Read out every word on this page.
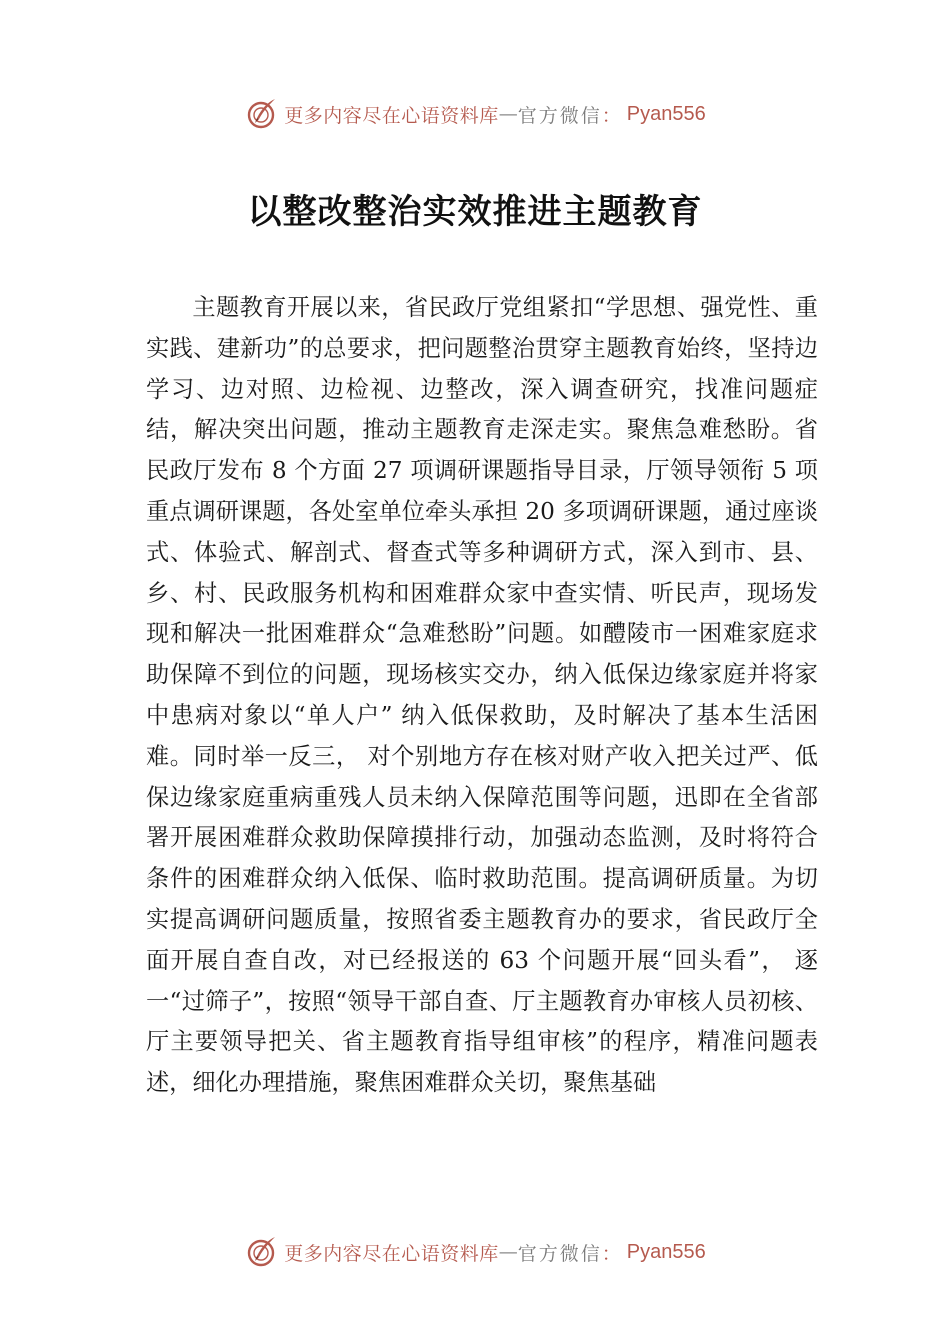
更多内容尽在心语资料库 — 官方微信 ： Pyan556
以整改整治实效推进主题教育

主题教育开展以来，省民政厅党组紧扣“学思想、强党性、重实践、建新功”的总要求，把问题整治贯穿主题教育始终，坚持边学习、边对照、边检视、边整改，深入调查研究，找准问题症结，解决突出问题，推动主题教育走深走实。聚焦急难愁盼。省民政厅发布 8 个方面 27 项调研课题指导目录，厅领导领衔 5 项重点调研课题，各处室单位牵头承担 20 多项调研课题，通过座谈式、体验式、解剖式、督查式等多种调研方式，深入到市、县、乡、村、民政服务机构和困难群众家中查实情、听民声，现场发现和解决一批困难群众“急难愁盼”问题。如醴陵市一困难家庭求助保障不到位的问题，现场核实交办，纳入低保边缘家庭并将家中患病对象以“单人户” 纳入低保救助，及时解决了基本生活困难。同时举一反三， 对个别地方存在核对财产收入把关过严、低保边缘家庭重病重残人员未纳入保障范围等问题，迅即在全省部署开展困难群众救助保障摸排行动，加强动态监测，及时将符合条件的困难群众纳入低保、临时救助范围。提高调研质量。为切实提高调研问题质量，按照省委主题教育办的要求，省民政厅全面开展自查自改，对已经报送的 63 个问题开展“回头看”， 逐一“过筛子”，按照“领导干部自查、厅主题教育办审核人员初核、厅主要领导把关、省主题教育指导组审核”的程序，精准问题表述，细化办理措施，聚焦困难群众关切，聚焦基础

更多内容尽在心语资料库 — 官方微信 ： Pyan556
